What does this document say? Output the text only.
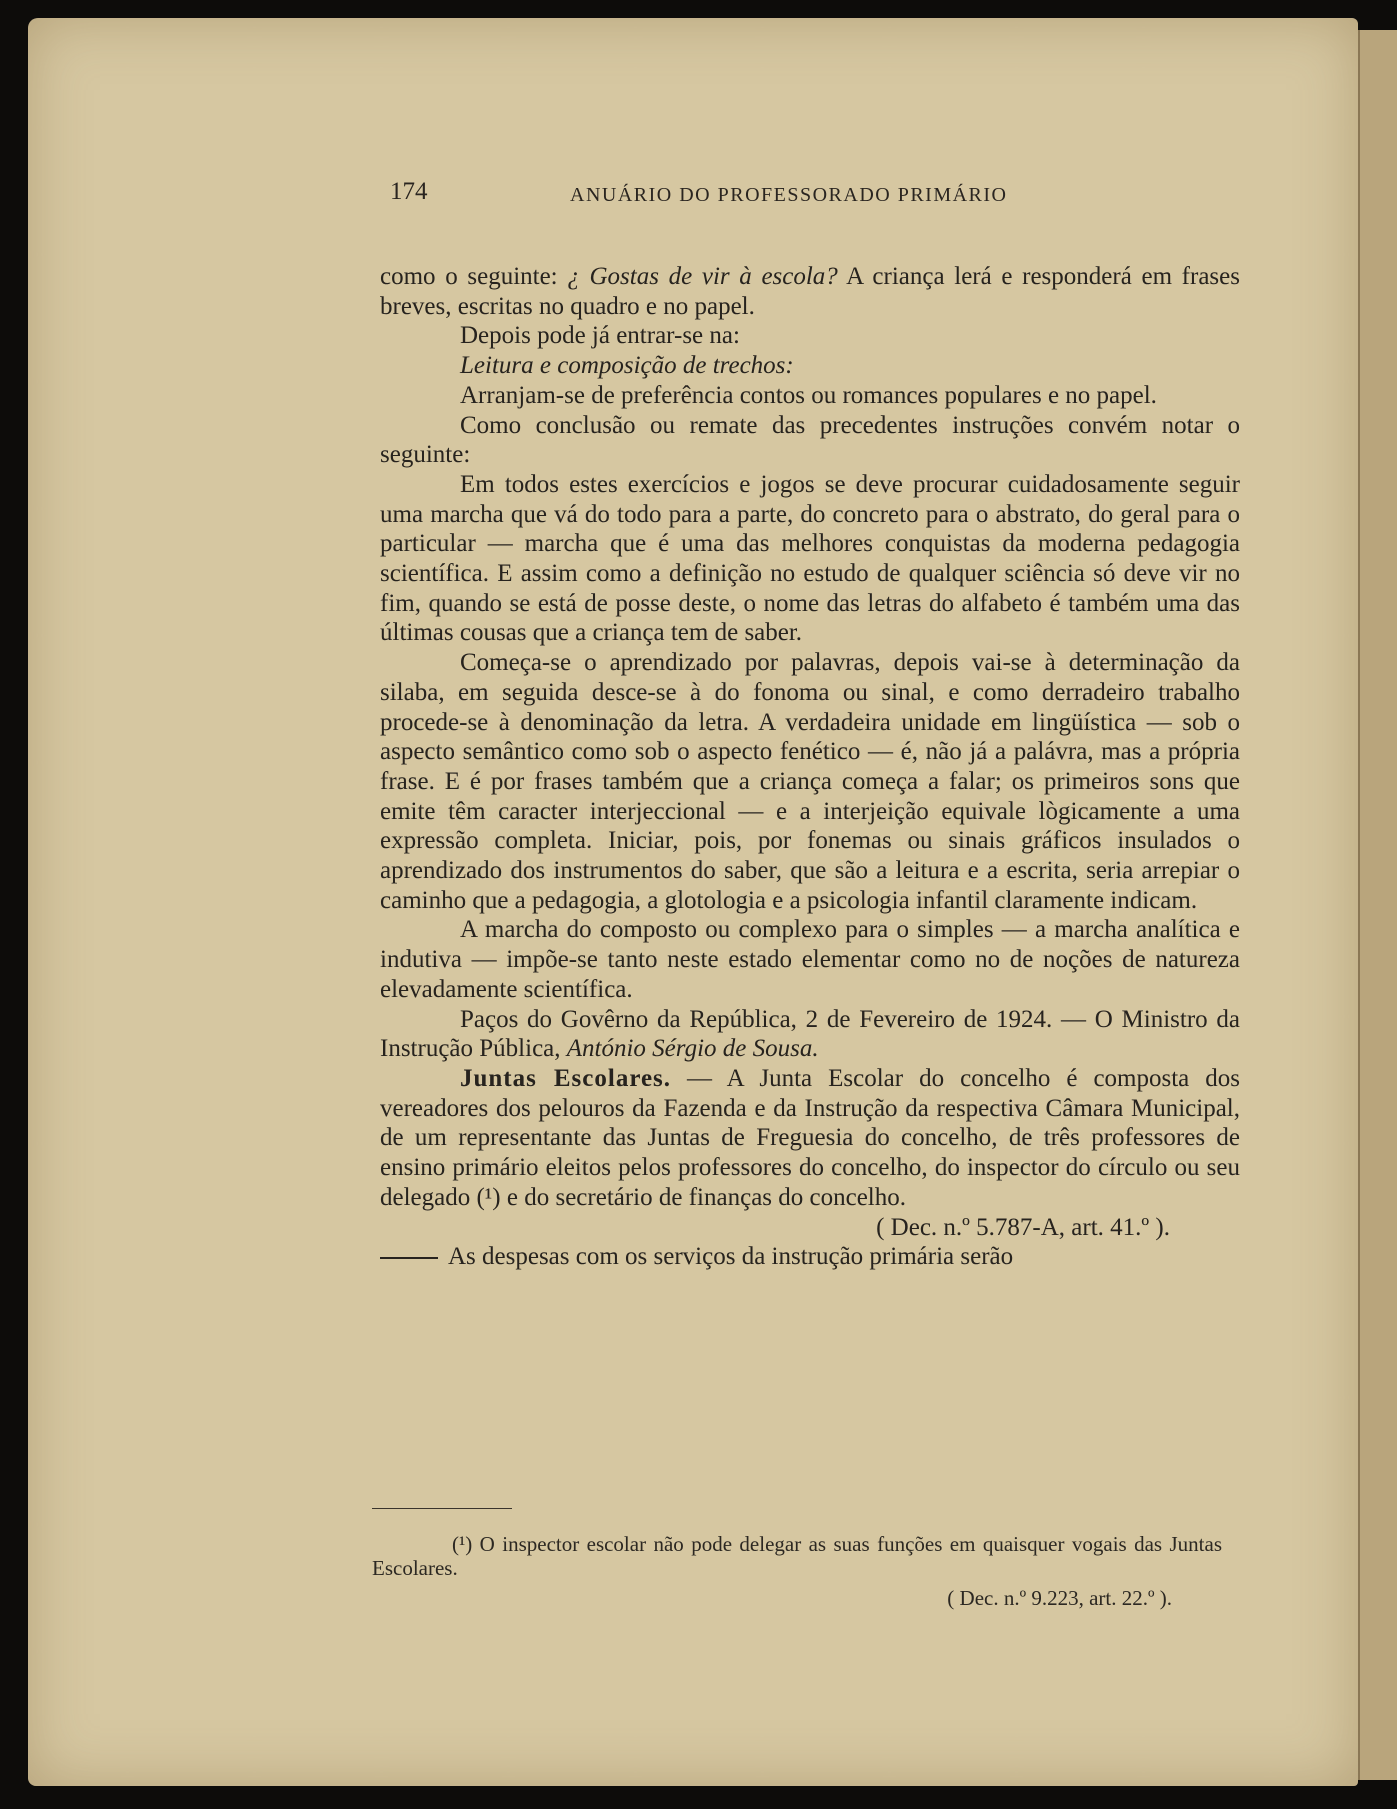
174	ANUÁRIO DO PROFESSORADO PRIMÁRIO

como o seguinte: ¿ Gostas de vir à escola? A criança lerá e responderá em frases breves, escritas no quadro e no papel.

Depois pode já entrar-se na:

Leitura e composição de trechos:

Arranjam-se de preferência contos ou romances populares e no papel.

Como conclusão ou remate das precedentes instruções convém notar o seguinte:

Em todos estes exercícios e jogos se deve procurar cuidadosamente seguir uma marcha que vá do todo para a parte, do concreto para o abstrato, do geral para o particular — marcha que é uma das melhores conquistas da moderna pedagogia scientífica. E assim como a definição no estudo de qualquer sciência só deve vir no fim, quando se está de posse deste, o nome das letras do alfabeto é também uma das últimas cousas que a criança tem de saber.

Começa-se o aprendizado por palavras, depois vai-se à determinação da silaba, em seguida desce-se à do fonoma ou sinal, e como derradeiro trabalho procede-se à denominação da letra. A verdadeira unidade em lingüística — sob o aspecto semântico como sob o aspecto fenético — é, não já a palávra, mas a própria frase. E é por frases também que a criança começa a falar; os primeiros sons que emite têm caracter interjeccional — e a interjeição equivale lògicamente a uma expressão completa. Iniciar, pois, por fonemas ou sinais gráficos insulados o aprendizado dos instrumentos do saber, que são a leitura e a escrita, seria arrepiar o caminho que a pedagogia, a glotologia e a psicologia infantil claramente indicam.

A marcha do composto ou complexo para o simples — a marcha analítica e indutiva — impõe-se tanto neste estado elementar como no de noções de natureza elevadamente scientífica.

Paços do Govêrno da República, 2 de Fevereiro de 1924. — O Ministro da Instrução Pública, António Sérgio de Sousa.

Juntas Escolares. — A Junta Escolar do concelho é composta dos vereadores dos pelouros da Fazenda e da Instrução da respectiva Câmara Municipal, de um representante das Juntas de Freguesia do concelho, de três professores de ensino primário eleitos pelos professores do concelho, do inspector do círculo ou seu delegado (¹) e do secretário de finanças do concelho.

( Dec. n.º 5.787-A, art. 41.º ).

As despesas com os serviços da instrução primária serão

(¹) O inspector escolar não pode delegar as suas funções em quaisquer vogais das Juntas Escolares.

( Dec. n.º 9.223, art. 22.º ).
